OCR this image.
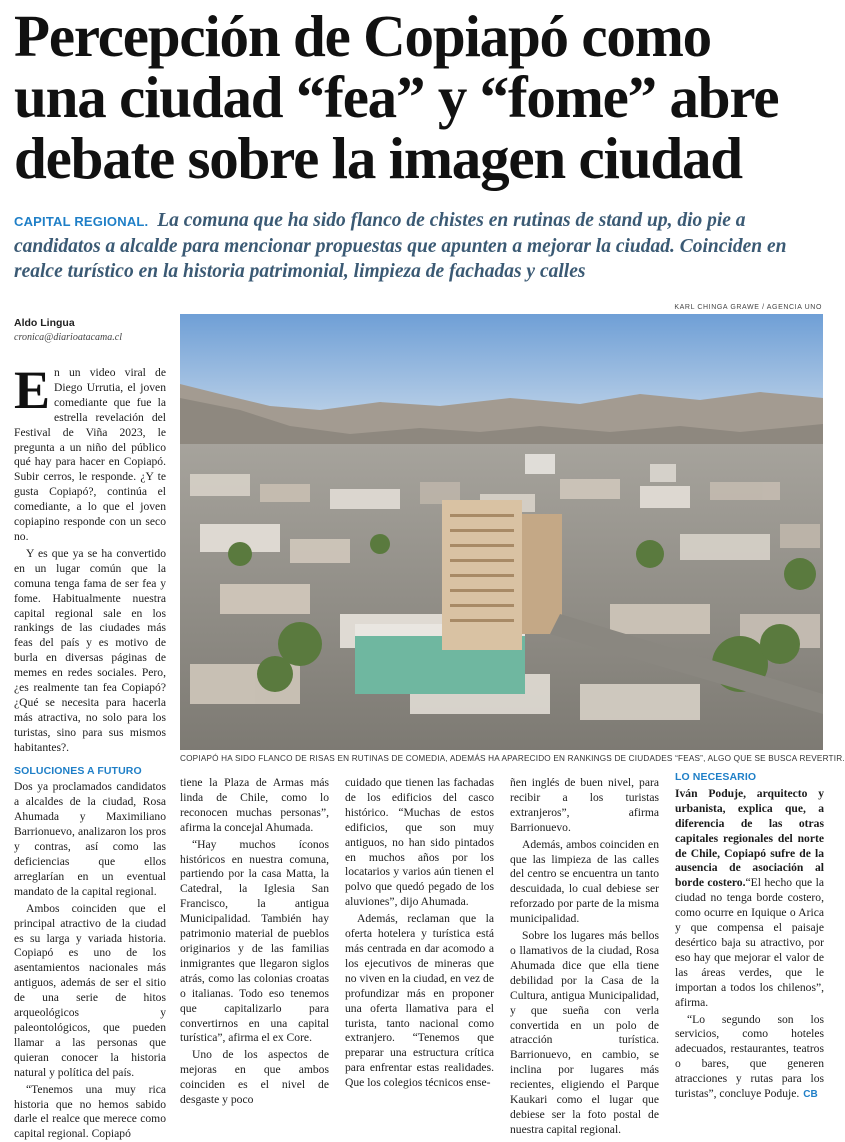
Percepción de Copiapó como
una ciudad “fea” y “fome” abre
debate sobre la imagen ciudad
CAPITAL REGIONAL. La comuna que ha sido flanco de chistes en rutinas de stand up, dio pie a candidatos a alcalde para mencionar propuestas que apunten a mejorar la ciudad. Coinciden en realce turístico en la historia patrimonial, limpieza de fachadas y calles
KARL CHINGA GRAWE / AGENCIA UNO
Aldo Lingua
cronica@diarioatacama.cl
COPIAPÓ HA SIDO FLANCO DE RISAS EN RUTINAS DE COMEDIA, ADEMÁS HA APARECIDO EN RANKINGS DE CIUDADES “FEAS”, ALGO QUE SE BUSCA REVERTIR.

En un video viral de Diego Urrutia, el joven comediante que fue la estrella revelación del Festival de Viña 2023, le pregunta a un niño del público qué hay para hacer en Copiapó. Subir cerros, le responde. ¿Y te gusta Copiapó?, continúa el comediante, a lo que el joven copiapino responde con un seco no.

Y es que ya se ha convertido en un lugar común que la comuna tenga fama de ser fea y fome. Habitualmente nuestra capital regional sale en los rankings de las ciudades más feas del país y es motivo de burla en diversas páginas de memes en redes sociales. Pero, ¿es realmente tan fea Copiapó? ¿Qué se necesita para hacerla más atractiva, no solo para los turistas, sino para sus mismos habitantes?.

SOLUCIONES A FUTURO

Dos ya proclamados candidatos a alcaldes de la ciudad, Rosa Ahumada y Maximiliano Barrionuevo, analizaron los pros y contras, así como las deficiencias que ellos arreglarían en un eventual mandato de la capital regional.

Ambos coinciden que el principal atractivo de la ciudad es su larga y variada historia. Copiapó es uno de los asentamientos nacionales más antiguos, además de ser el sitio de una serie de hitos arqueológicos y paleontológicos, que pueden llamar a las personas que quieran conocer la historia natural y política del país.

“Tenemos una muy rica historia que no hemos sabido darle el realce que merece como capital regional. Copiapó

tiene la Plaza de Armas más linda de Chile, como lo reconocen muchas personas”, afirma la concejal Ahumada.

“Hay muchos íconos históricos en nuestra comuna, partiendo por la casa Matta, la Catedral, la Iglesia San Francisco, la antigua Municipalidad. También hay patrimonio material de pueblos originarios y de las familias inmigrantes que llegaron siglos atrás, como las colonias croatas o italianas. Todo eso tenemos que capitalizarlo para convertirnos en una capital turística”, afirma el ex Core.

Uno de los aspectos de mejoras en que ambos coinciden es el nivel de desgaste y poco

cuidado que tienen las fachadas de los edificios del casco histórico. “Muchas de estos edificios, que son muy antiguos, no han sido pintados en muchos años por los locatarios y varios aún tienen el polvo que quedó pegado de los aluviones”, dijo Ahumada.

Además, reclaman que la oferta hotelera y turística está más centrada en dar acomodo a los ejecutivos de mineras que no viven en la ciudad, en vez de profundizar más en proponer una oferta llamativa para el turista, tanto nacional como extranjero. “Tenemos que preparar una estructura crítica para enfrentar estas realidades. Que los colegios técnicos ense-

ñen inglés de buen nivel, para recibir a los turistas extranjeros”, afirma Barrionuevo.

Además, ambos coinciden en que las limpieza de las calles del centro se encuentra un tanto descuidada, lo cual debiese ser reforzado por parte de la misma municipalidad.

Sobre los lugares más bellos o llamativos de la ciudad, Rosa Ahumada dice que ella tiene debilidad por la Casa de la Cultura, antigua Municipalidad, y que sueña con verla convertida en un polo de atracción turística. Barrionuevo, en cambio, se inclina por lugares más recientes, eligiendo el Parque Kaukari como el lugar que debiese ser la foto postal de nuestra capital regional.

LO NECESARIO

Iván Poduje, arquitecto y urbanista, explica que, a diferencia de las otras capitales regionales del norte de Chile, Copiapó sufre de la ausencia de asociación al borde costero.“El hecho que la ciudad no tenga borde costero, como ocurre en Iquique o Arica y que compensa el paisaje desértico baja su atractivo, por eso hay que mejorar el valor de las áreas verdes, que le importan a todos los chilenos”, afirma.

“Lo segundo son los servicios, como hoteles adecuados, restaurantes, teatros o bares, que generen atracciones y rutas para los turistas”, concluye Poduje. CB
